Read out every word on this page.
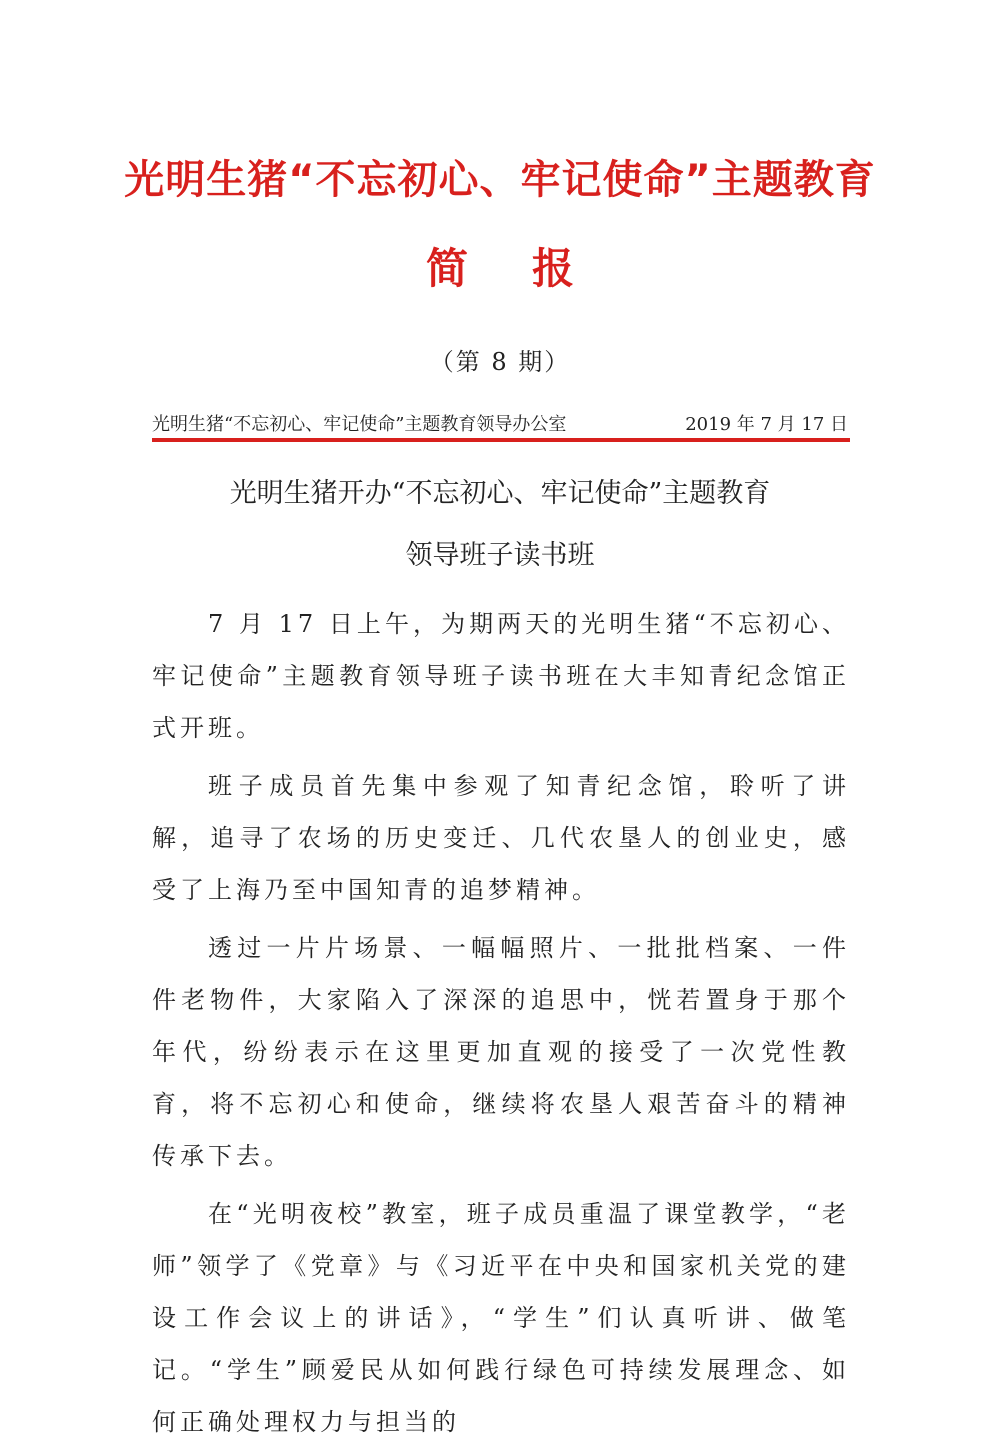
光明生猪“不忘初心、牢记使命”主题教育
简报
（第 8 期）
光明生猪“不忘初心、牢记使命”主题教育领导办公室	2019 年 7 月 17 日
光明生猪开办“不忘初心、牢记使命”主题教育
领导班子读书班

7 月 17 日上午，为期两天的光明生猪“不忘初心、牢记使命”主题教育领导班子读书班在大丰知青纪念馆正式开班。

班子成员首先集中参观了知青纪念馆，聆听了讲解，追寻了农场的历史变迁、几代农垦人的创业史，感受了上海乃至中国知青的追梦精神。

透过一片片场景、一幅幅照片、一批批档案、一件件老物件，大家陷入了深深的追思中，恍若置身于那个年代，纷纷表示在这里更加直观的接受了一次党性教育，将不忘初心和使命，继续将农垦人艰苦奋斗的精神传承下去。

在“光明夜校”教室，班子成员重温了课堂教学，“老师”领学了《党章》与《习近平在中央和国家机关党的建设工作会议上的讲话》，“学生”们认真听讲、做笔记。“学生”顾爱民从如何践行绿色可持续发展理念、如何正确处理权力与担当的
